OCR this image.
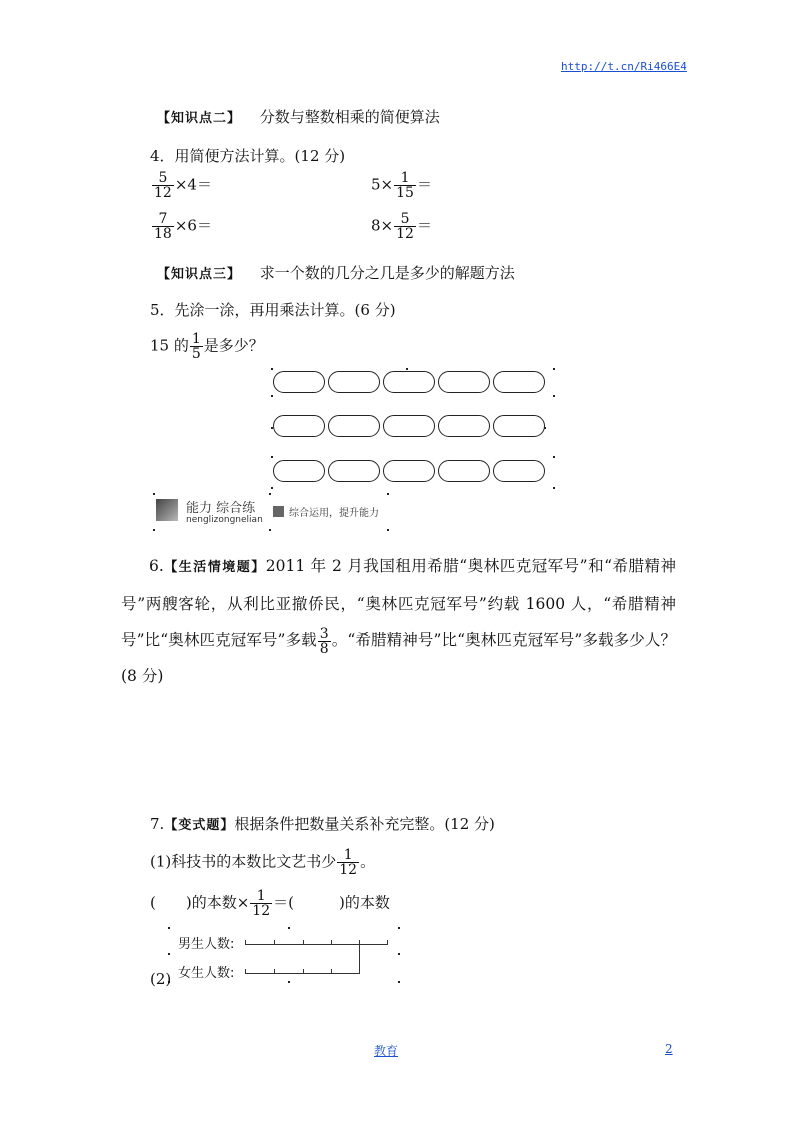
http://t.cn/Ri466E4
【知识点二】 分数与整数相乘的简便算法
4．用简便方法计算。(12 分)
$\frac{5}{12} \times 4=$	$5\times \frac{1}{15}$ ＝
$\frac{7}{18} \times 6=$	$8\times \frac{5}{12}$ ＝
【知识点三】 求一个数的几分之几是多少的解题方法
5．先涂一涂，再用乘法计算。(6 分)
15 的 $\frac{1}{5}$ 是多少？
能力 综合练
nenglizongnelian
综合运用，提升能力
6.【生活情境题】2011 年 2 月我国租用希腊“奥林匹克冠军号”和“希腊精神号”两艘客轮，从利比亚撤侨民，“奥林匹克冠军号”约载 1600 人，“希腊精神号”比“奥林匹克冠军号”多载 $\frac{3}{8}$ 。“希腊精神号”比“奥林匹克冠军号”多载多少人？(8 分)
7.【变式题】根据条件把数量关系补充完整。(12 分)
(1)科技书的本数比文艺书少 $\frac{1}{12}$ 。
(　　)的本数× $\frac{1}{12}$ ＝(　　　)的本数
男生人数:
女生人数:
(2)
教育	2
